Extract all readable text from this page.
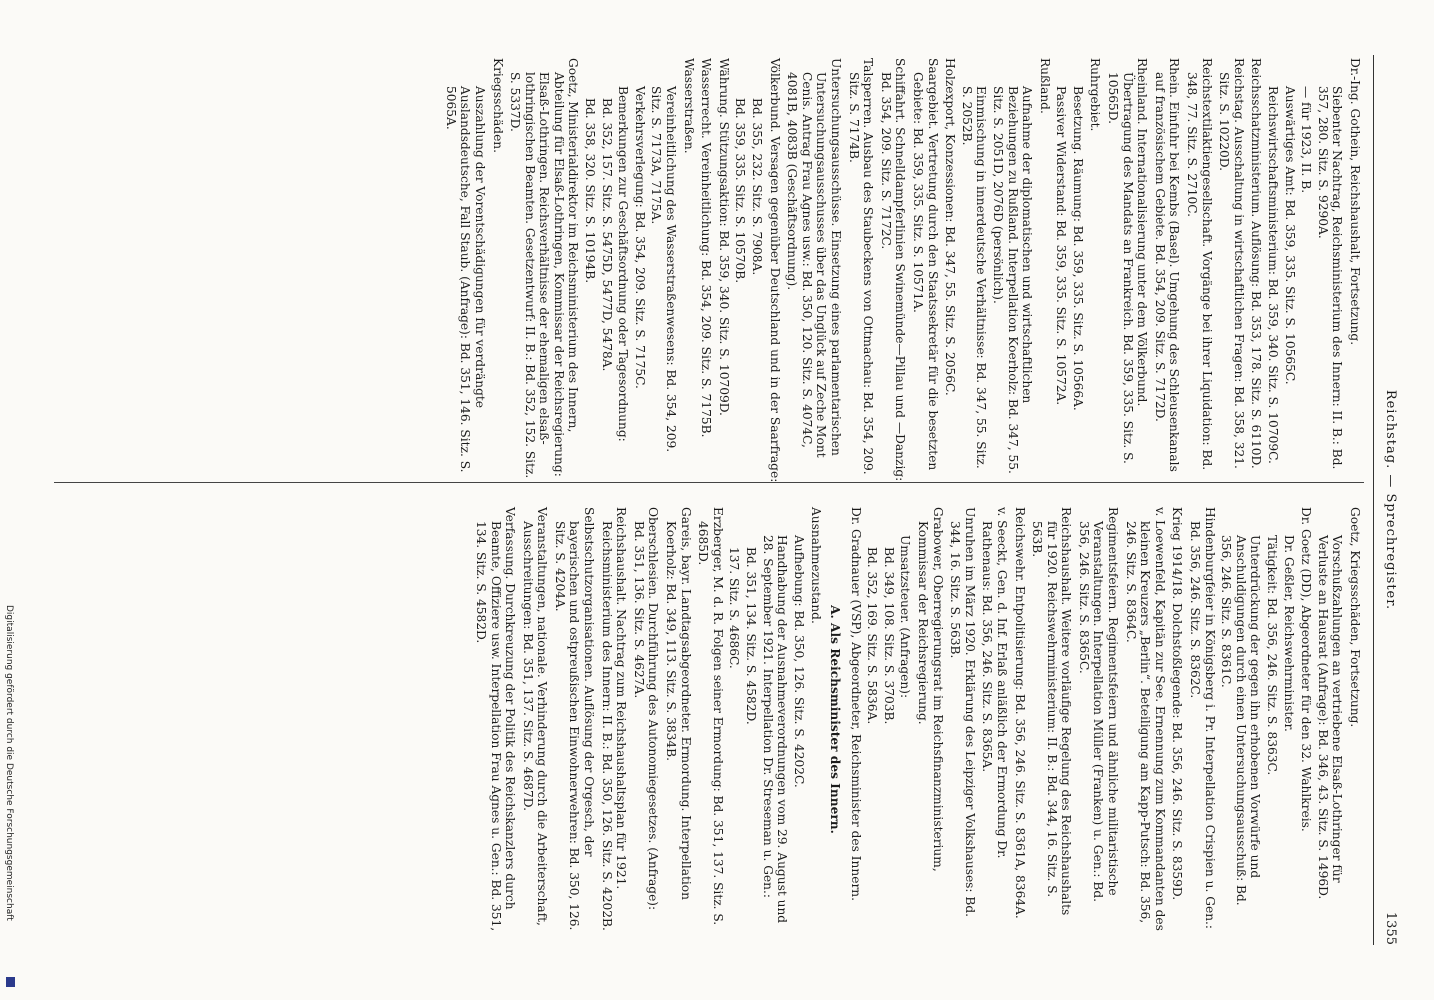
Reichstag. — Sprechregister.
1355
Dr.-Ing. Gothein, Reichshaushalt, Fortsetzung.
Siebenter Nachtrag, Reichsministerium des Innern: II. B.: Bd. 357, 280. Sitz. S. 9290A.
— für 1923, II. B.
Auswärtiges Amt: Bd. 359, 335. Sitz. S. 10565C.
Reichswirtschaftsministerium: Bd. 359, 340. Sitz. S. 10709C.
Reichsschatzministerium. Auflösung: Bd. 353, 178. Sitz. S. 6110D.
Reichstag. Ausschaltung in wirtschaftlichen Fragen: Bd. 358, 321. Sitz. S. 10220D.
Reichstextilaktiengesellschaft. Vorgänge bei ihrer Liquidation: Bd. 348, 77. Sitz. S. 2710C.
Rhein. Einfuhr bei Kembs (Basel). Umgehung des Schleusenkanals auf französischem Gebiete. Bd. 354, 209. Sitz. S. 7172D.
Rheinland. Internationalisierung unter dem Völkerbund. Übertragung des Mandats an Frankreich. Bd. 359, 335. Sitz. S. 10565D.
Ruhrgebiet.
Besetzung. Räumung: Bd. 359, 335. Sitz. S. 10566A.
Passiver Widerstand: Bd. 359, 335. Sitz. S. 10572A.
Rußland.
Aufnahme der diplomatischen und wirtschaftlichen Beziehungen zu Rußland. Interpellation Koerholz: Bd. 347, 55. Sitz. S. 2051D, 2076D (persönlich).
Einmischung in innerdeutsche Verhältnisse: Bd. 347, 55. Sitz. S. 2052B.
Holzexport, Konzessionen: Bd. 347, 55. Sitz. S. 2056C.
Saargebiet. Vertretung durch den Staatssekretär für die besetzten Gebiete: Bd. 359, 335. Sitz. S. 10571A.
Schiffahrt. Schnelldampferlinien Swinemünde—Pillau und —Danzig: Bd. 354, 209. Sitz. S. 7172C.
Talsperren. Ausbau des Staubeckens von Ottmachau: Bd. 354, 209. Sitz. S. 7174B.
Untersuchungsausschüsse. Einsetzung eines parlamentarischen Untersuchungsausschusses über das Unglück auf Zeche Mont Cenis. Antrag Frau Agnes usw.: Bd. 350, 120. Sitz. S. 4074C, 4081B, 4083B (Geschäftsordnung).
Völkerbund. Versagen gegenüber Deutschland und in der Saarfrage:
Bd. 355, 232. Sitz. S. 7908A.
Bd. 359, 335. Sitz. S. 10570B.
Währung. Stützungsaktion: Bd. 359, 340. Sitz. S. 10709D.
Wasserrecht. Vereinheitlichung: Bd. 354, 209. Sitz. S. 7175B.
Wasserstraßen.
Vereinheitlichung des Wasserstraßenwesens: Bd. 354, 209. Sitz. S. 7173A, 7175A.
Verkehrsverlegung: Bd. 354, 209. Sitz. S. 7175C.
Bemerkungen zur Geschäftsordnung oder Tagesordnung:
Bd. 352, 157. Sitz. S. 5475D, 5477D, 5478A.
Bd. 358, 320. Sitz. S. 10194B.
Goetz, Ministerialdirektor im Reichsministerium des Innern, Abteilung für Elsaß-Lothringen, Kommissar der Reichsregierung: Elsaß-Lothringen. Reichsverhältnisse der ehemaligen elsaß-lothringischen Beamten. Gesetzentwurf: II. B.: Bd. 352, 152. Sitz. S. 5337D.
Kriegsschäden.
Auszahlung der Vorentschädigungen für verdrängte Auslandsdeutsche, Fall Staub. (Anfrage): Bd. 351, 146. Sitz. S. 5065A.
Goetz, Kriegsschäden, Fortsetzung.
Vorschußzahlungen an vertriebene Elsaß-Lothringer für Verluste an Hausrat (Anfrage): Bd. 346, 43. Sitz. S. 1496D.
Dr. Goetz (DD), Abgeordneter für den 32. Wahlkreis.
Dr. Geßler, Reichswehrminister.
Tätigkeit: Bd. 356, 246. Sitz. S. 8363C.
Unterdrückung der gegen ihn erhobenen Vorwürfe und Anschuldigungen durch einen Untersuchungsausschuß: Bd. 356, 246. Sitz. S. 8361C.
Hindenburgfeier in Königsberg i. Pr. Interpellation Crispien u. Gen.: Bd. 356, 246. Sitz. S. 8362C.
Krieg 1914/18. Dolchstoßlegende: Bd. 356, 246. Sitz. S. 8359D.
v. Loewenfeld, Kapitän zur See. Ernennung zum Kommandanten des kleinen Kreuzers „Berlin“. Beteiligung am Kapp-Putsch: Bd. 356, 246. Sitz. S. 8364C.
Regimentsfeiern. Regimentsfeiern und ähnliche militaristische Veranstaltungen. Interpellation Müller (Franken) u. Gen.: Bd. 356, 246. Sitz. S. 8365C.
Reichshaushalt. Weitere vorläufige Regelung des Reichshaushalts für 1920. Reichswehrministerium: II. B.: Bd. 344, 16. Sitz. S. 563B.
Reichswehr. Entpolitisierung: Bd. 356, 246. Sitz. S. 8361A, 8364A.
v. Seeckt, Gen. d. Inf. Erlaß anläßlich der Ermordung Dr. Rathenaus: Bd. 356, 246. Sitz. S. 8365A.
Unruhen im März 1920. Erklärung des Leipziger Volkshauses: Bd. 344, 16. Sitz. S. 563B.
Grabower, Oberregierungsrat im Reichsfinanzministerium, Kommissar der Reichsregierung.
Umsatzsteuer. (Anfragen):
Bd. 349, 108. Sitz. S. 3703B.
Bd. 352, 169. Sitz. S. 5836A.
Dr. Gradnauer (VSP), Abgeordneter, Reichsminister des Innern.
A. Als Reichsminister des Innern.
Ausnahmezustand.
Aufhebung: Bd. 350, 126. Sitz. S. 4202C.
Handhabung der Ausnahmeverordnungen vom 29. August und 28. September 1921. Interpellation Dr. Streseman u. Gen.:
Bd. 351, 134. Sitz. S. 4582D.
137. Sitz. S. 4686C.
Erzberger, M. d. R. Folgen seiner Ermordung: Bd. 351, 137. Sitz. S. 4685D.
Gareis, bayr. Landtagsabgeordneter. Ermordung. Interpellation Koerholz: Bd. 349, 113. Sitz. S. 3834B.
Oberschlesien. Durchführung des Autonomiegesetzes. (Anfrage): Bd. 351, 136. Sitz. S. 4627A.
Reichshaushalt. Nachtrag zum Reichshaushaltsplan für 1921. Reichsministerium des Innern: II. B.: Bd. 350, 126. Sitz. S. 4202B.
Selbstschutzorganisationen. Auflösung der Orgesch, der bayerischen und ostpreußischen Einwohnerwehren: Bd. 350, 126. Sitz. S. 4204A.
Veranstaltungen, nationale. Verhinderung durch die Arbeiterschaft, Ausschreitungen: Bd. 351, 137. Sitz. S. 4687D.
Verfassung. Durchkreuzung der Politik des Reichskanzlers durch Beamte, Offiziere usw. Interpellation Frau Agnes u. Gen.: Bd. 351, 134. Sitz. S. 4582D.
Digitalisierung gefördert durch die Deutsche Forschungsgemeinschaft
